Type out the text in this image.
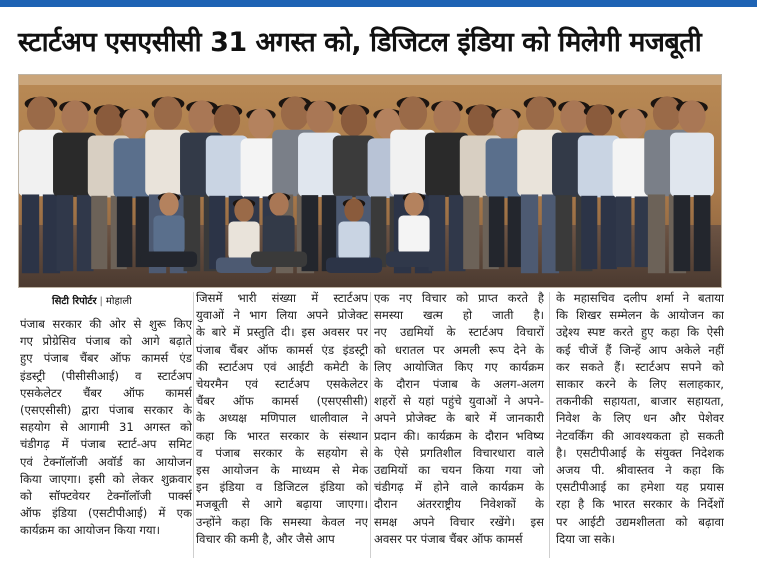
स्टार्टअप एसएसीसी 31 अगस्त को, डिजिटल इंडिया को मिलेगी मजबूती
सिटी रिपोर्टर | मोहाली
पंजाब सरकार की ओर से शुरू किए
गए प्रोग्रेसिव पंजाब को आगे बढ़ाते
हुए पंजाब चैंबर ऑफ कामर्स एंड
इंडस्ट्री (पीसीसीआई) व स्टार्टअप
एसकेलेटर चैंबर ऑफ कामर्स
(एसएसीसी) द्वारा पंजाब सरकार के
सहयोग से आगामी 31 अगस्त को
चंडीगढ़ में पंजाब स्टार्ट-अप समिट
एवं टेक्नॉलॉजी अवॉर्ड का आयोजन
किया जाएगा। इसी को लेकर शुक्रवार
को सॉफ्टवेयर टेक्नॉलॉजी पार्क्स
ऑफ इंडिया (एसटीपीआई) में एक
कार्यक्रम का आयोजन किया गया।
जिसमें भारी संख्या में स्टार्टअप
युवाओं ने भाग लिया अपने प्रोजेक्ट
के बारे में प्रस्तुति दी। इस अवसर पर
पंजाब चैंबर ऑफ कामर्स एंड इंडस्ट्री
की स्टार्टअप एवं आईटी कमेटी के
चेयरमैन एवं स्टार्टअप एसकेलेटर
चैंबर ऑफ कामर्स (एसएसीसी)
के अध्यक्ष मणिपाल धालीवाल ने
कहा कि भारत सरकार के संस्थान
व पंजाब सरकार के सहयोग से
इस आयोजन के माध्यम से मेक
इन इंडिया व डिजिटल इंडिया को
मजबूती से आगे बढ़ाया जाएगा।
उन्होंने कहा कि समस्या केवल नए
विचार की कमी है, और जैसे आप
एक नए विचार को प्राप्त करते है
समस्या खत्म हो जाती है।
नए उद्यमियों के स्टार्टअप विचारों
को धरातल पर अमली रूप देने के
लिए आयोजित किए गए कार्यक्रम
के दौरान पंजाब के अलग-अलग
शहरों से यहां पहुंचे युवाओं ने अपने-
अपने प्रोजेक्ट के बारे में जानकारी
प्रदान की। कार्यक्रम के दौरान भविष्य
के ऐसे प्रगतिशील विचारधारा वाले
उद्यमियों का चयन किया गया जो
चंडीगढ़ में होने वाले कार्यक्रम के
दौरान अंतरराष्ट्रीय निवेशकों के
समक्ष अपने विचार रखेंगे। इस
अवसर पर पंजाब चैंबर ऑफ कामर्स
के महासचिव दलीप शर्मा ने बताया
कि शिखर सम्मेलन के आयोजन का
उद्देश्य स्पष्ट करते हुए कहा कि ऐसी
कई चीजें हैं जिन्हें आप अकेले नहीं
कर सकते हैं। स्टार्टअप सपने को
साकार करने के लिए सलाहकार,
तकनीकी सहायता, बाजार सहायता,
निवेश के लिए धन और पेशेवर
नेटवर्किंग की आवश्यकता हो सकती
है। एसटीपीआई के संयुक्त निदेशक
अजय पी. श्रीवास्तव ने कहा कि
एसटीपीआई का हमेशा यह प्रयास
रहा है कि भारत सरकार के निर्देशों
पर आईटी उद्यमशीलता को बढ़ावा
दिया जा सके।
